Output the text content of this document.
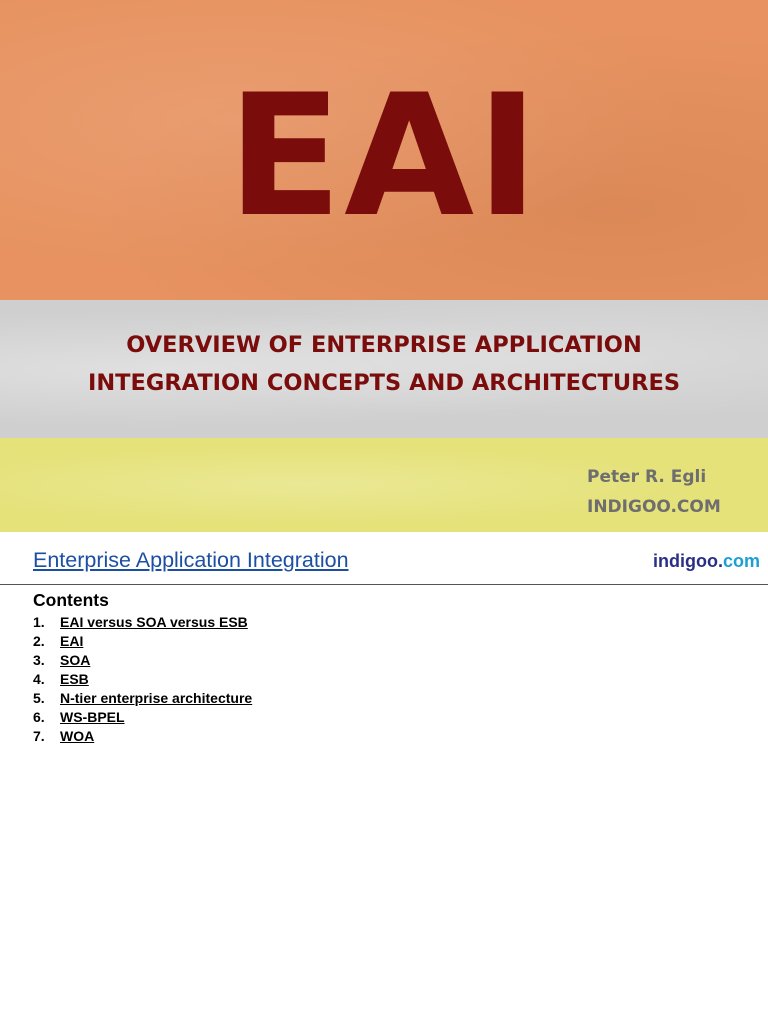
EAI
OVERVIEW OF ENTERPRISE APPLICATION
INTEGRATION CONCEPTS AND ARCHITECTURES
Peter R. Egli
INDIGOO.COM
Enterprise Application Integration	indigoo.com
Contents
1. EAI versus SOA versus ESB
2. EAI
3. SOA
4. ESB
5. N-tier enterprise architecture
6. WS-BPEL
7. WOA
